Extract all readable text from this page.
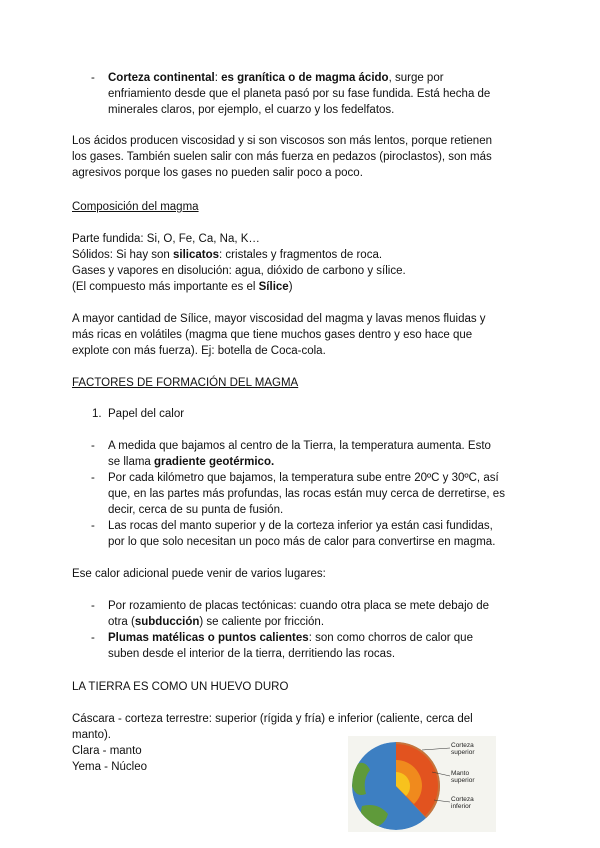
- Corteza continental: es granítica o de magma ácido, surge por
enfriamiento desde que el planeta pasó por su fase fundida. Está hecha de
minerales claros, por ejemplo, el cuarzo y los fedelfatos.
Los ácidos producen viscosidad y si son viscosos son más lentos, porque retienen
los gases. También suelen salir con más fuerza en pedazos (piroclastos), son más
agresivos porque los gases no pueden salir poco a poco.
Composición del magma
Parte fundida: Si, O, Fe, Ca, Na, K…
Sólidos: Si hay son silicatos: cristales y fragmentos de roca.
Gases y vapores en disolución: agua, dióxido de carbono y sílice.
(El compuesto más importante es el Sílice)
A mayor cantidad de Sílice, mayor viscosidad del magma y lavas menos fluidas y
más ricas en volátiles (magma que tiene muchos gases dentro y eso hace que
explote con más fuerza). Ej: botella de Coca-cola.
FACTORES DE FORMACIÓN DEL MAGMA
1. Papel del calor
- A medida que bajamos al centro de la Tierra, la temperatura aumenta. Esto
se llama gradiente geotérmico.
- Por cada kilómetro que bajamos, la temperatura sube entre 20ºC y 30ºC, así
que, en las partes más profundas, las rocas están muy cerca de derretirse, es
decir, cerca de su punta de fusión.
- Las rocas del manto superior y de la corteza inferior ya están casi fundidas,
por lo que solo necesitan un poco más de calor para convertirse en magma.
Ese calor adicional puede venir de varios lugares:
- Por rozamiento de placas tectónicas: cuando otra placa se mete debajo de
otra (subducción) se caliente por fricción.
- Plumas matélicas o puntos calientes: son como chorros de calor que
suben desde el interior de la tierra, derritiendo las rocas.
LA TIERRA ES COMO UN HUEVO DURO
Cáscara - corteza terrestre: superior (rígida y fría) e inferior (caliente, cerca del
manto).
Clara - manto
Yema - Núcleo
Corteza
superior
Manto
superior
Corteza
inferior
